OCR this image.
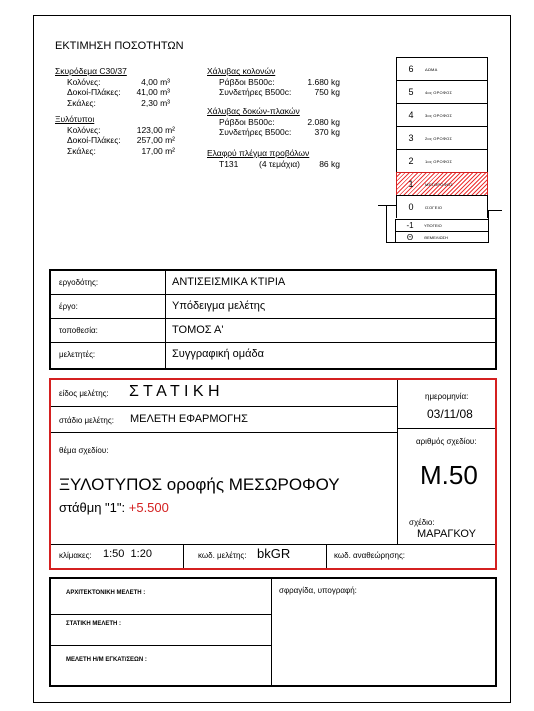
ΕΚΤΙΜΗΣΗ ΠΟΣΟΤΗΤΩΝ
Σκυρόδεμα C30/37
Κολόνες:	4,00 m³
Δοκοί-Πλάκες:	41,00 m³
Σκάλες:	2,30 m³
Ξυλότυποι
Κολόνες:	123,00 m²
Δοκοί-Πλάκες:	257,00 m²
Σκάλες:	17,00 m²
Χάλυβας κολονών
Ράβδοι B500c:	1.680 kg
Συνδετήρες B500c:	750 kg
Χάλυβας δοκών-πλακών
Ράβδοι B500c:	2.080 kg
Συνδετήρες B500c:	370 kg
Ελαφρύ πλέγμα προβόλων
T131	(4 τεμάχια)	86 kg
6	ΔΩΜΑ
5	4ος ΟΡΟΦΟΣ
4	3ος ΟΡΟΦΟΣ
3	2ος ΟΡΟΦΟΣ
2	1ος ΟΡΟΦΟΣ
1	ΜΕΣΟΡΟΦΟΣ
0	ΙΣΟΓΕΙΟ
-1	ΥΠΟΓΕΙΟ
Θ	ΘΕΜΕΛΙΩΣΗ
εργοδότης:	ΑΝΤΙΣΕΙΣΜΙΚΑ ΚΤΙΡΙΑ
έργο:	Υπόδειγμα μελέτης
τοποθεσία:	ΤΟΜΟΣ Α'
μελετητές:	Συγγραφική ομάδα
είδος μελέτης: Σ Τ Α Τ Ι Κ Η
στάδιο μελέτης: ΜΕΛΕΤΗ ΕΦΑΡΜΟΓΗΣ
ημερομηνία:
03/11/08
θέμα σχεδίου:
ΞΥΛΟΤΥΠΟΣ οροφής ΜΕΣΩΡΟΦΟΥ
στάθμη "1": +5.500
αριθμός σχεδίου:
Μ.50
σχέδιο:
ΜΑΡΑΓΚΟΥ
κλίμακες: 1:50  1:20	κωδ. μελέτης: bkGR	κωδ. αναθεώρησης:
ΑΡΧΙΤΕΚΤΟΝΙΚΗ ΜΕΛΕΤΗ :
ΣΤΑΤΙΚΗ ΜΕΛΕΤΗ :
ΜΕΛΕΤΗ Η/Μ ΕΓΚΑΤ/ΣΕΩΝ :
σφραγίδα, υπογραφή:
